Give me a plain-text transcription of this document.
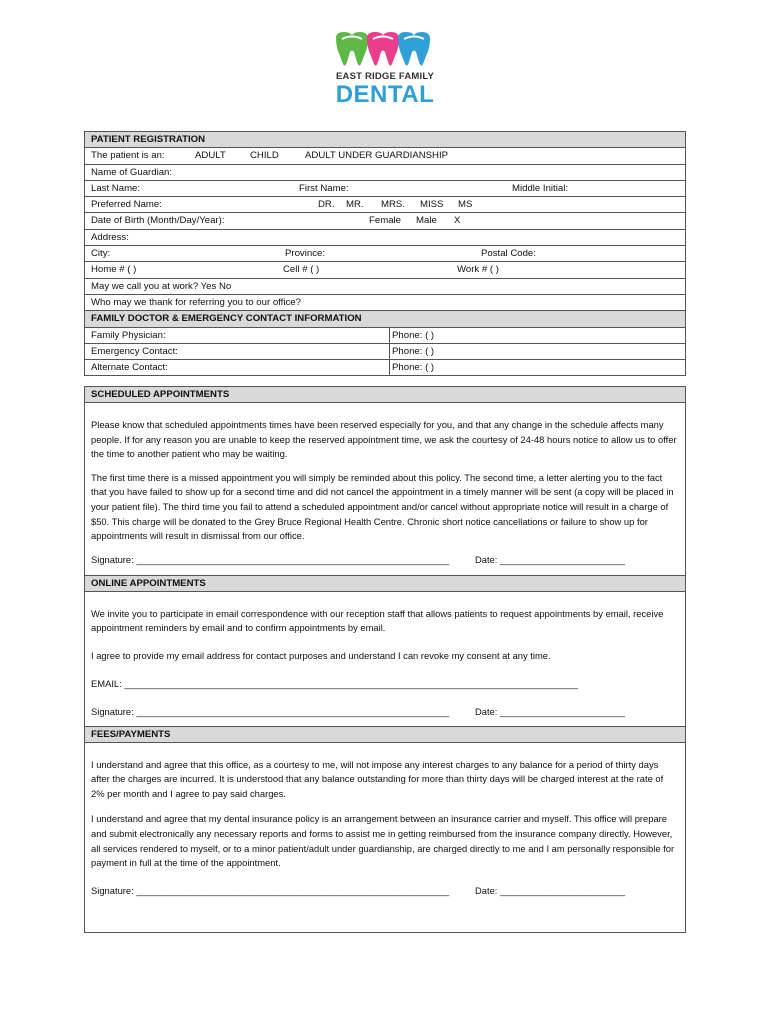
EAST RIDGE FAMILY
DENTAL
PATIENT REGISTRATION
The patient is an:	ADULT	CHILD	ADULT UNDER GUARDIANSHIP
Name of Guardian:
Last Name:	First Name:	Middle Initial:
Preferred Name:	DR. MR. MRS. MISS MS
Date of Birth (Month/Day/Year):	Female Male X
Address:
City:	Province:	Postal Code:
Home # ( )	Cell # ( )	Work # ( )
May we call you at work? Yes No
Who may we thank for referring you to our office?
FAMILY DOCTOR & EMERGENCY CONTACT INFORMATION
Family Physician:	Phone: ( )
Emergency Contact:	Phone: ( )
Alternate Contact:	Phone: ( )
SCHEDULED APPOINTMENTS

Please know that scheduled appointments times have been reserved especially for you, and that any change in the schedule affects many people. If for any reason you are unable to keep the reserved appointment time, we ask the courtesy of 24-48 hours notice to allow us to offer the time to another patient who may be waiting.

The first time there is a missed appointment you will simply be reminded about this policy. The second time, a letter alerting you to the fact that you have failed to show up for a second time and did not cancel the appointment in a timely manner will be sent (a copy will be placed in your patient file). The third time you fail to attend a scheduled appointment and/or cancel without appropriate notice will result in a charge of $50. This charge will be donated to the Grey Bruce Regional Health Centre. Chronic short notice cancellations or failure to show up for appointments will result in dismissal from our office.

Signature: ____________________________________________________________	Date: ________________________
ONLINE APPOINTMENTS

We invite you to participate in email correspondence with our reception staff that allows patients to request appointments by email, receive appointment reminders by email and to confirm appointments by email.

I agree to provide my email address for contact purposes and understand I can revoke my consent at any time.

EMAIL: _______________________________________________________________________________________
Signature: ____________________________________________________________	Date: ________________________
FEES/PAYMENTS

I understand and agree that this office, as a courtesy to me, will not impose any interest charges to any balance for a period of thirty days after the charges are incurred. It is understood that any balance outstanding for more than thirty days will be charged interest at the rate of 2% per month and I agree to pay said charges.

I understand and agree that my dental insurance policy is an arrangement between an insurance carrier and myself. This office will prepare and submit electronically any necessary reports and forms to assist me in getting reimbursed from the insurance company directly. However, all services rendered to myself, or to a minor patient/adult under guardianship, are charged directly to me and I am personally responsible for payment in full at the time of the appointment.

Signature: ____________________________________________________________	Date: ________________________
